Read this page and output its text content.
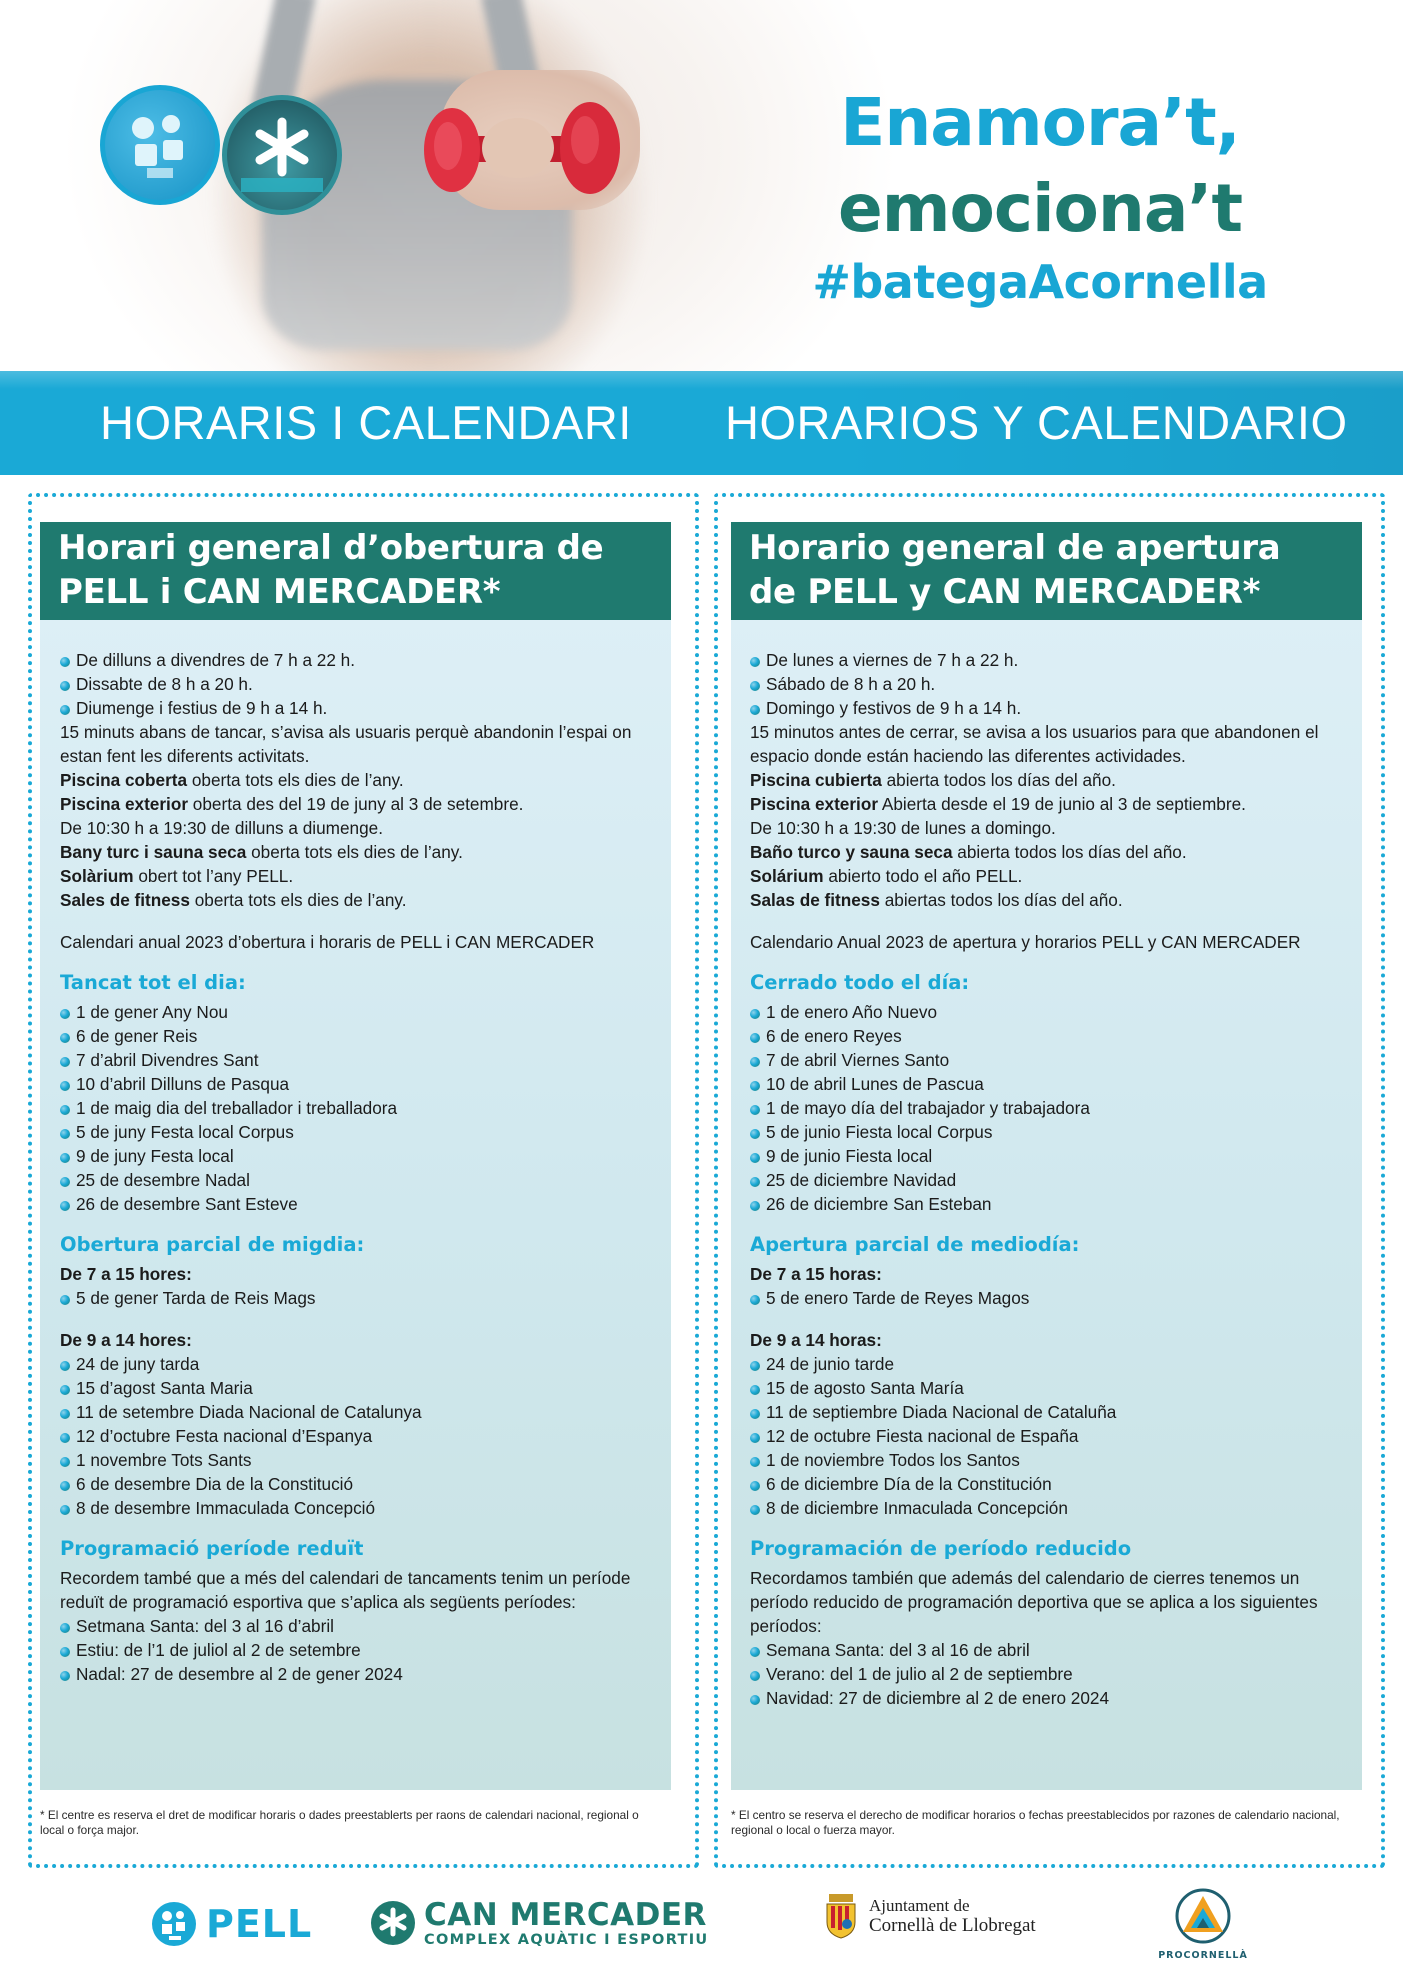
Enamora’t,
emociona’t
#bategaAcornella
HORARIS I CALENDARI HORARIOS Y CALENDARIO
Horari general d’obertura de
PELL i CAN MERCADER*
De dilluns a divendres de 7 h a 22 h.
Dissabte de 8 h a 20 h.
Diumenge i festius de 9 h a 14 h.
15 minuts abans de tancar, s’avisa als usuaris perquè abandonin l’espai on estan fent les diferents activitats.
Piscina coberta oberta tots els dies de l’any.
Piscina exterior oberta des del 19 de juny al 3 de setembre.
De 10:30 h a 19:30 de dilluns a diumenge.
Bany turc i sauna seca oberta tots els dies de l’any.
Solàrium obert tot l’any PELL.
Sales de fitness oberta tots els dies de l’any.
Calendari anual 2023 d’obertura i horaris de PELL i CAN MERCADER
Tancat tot el dia:
1 de gener Any Nou
6 de gener Reis
7 d’abril Divendres Sant
10 d’abril Dilluns de Pasqua
1 de maig dia del treballador i treballadora
5 de juny Festa local Corpus
9 de juny Festa local
25 de desembre Nadal
26 de desembre Sant Esteve
Obertura parcial de migdia:
De 7 a 15 hores:
5 de gener Tarda de Reis Mags
De 9 a 14 hores:
24 de juny tarda
15 d’agost Santa Maria
11 de setembre Diada Nacional de Catalunya
12 d’octubre Festa nacional d’Espanya
1 novembre Tots Sants
6 de desembre Dia de la Constitució
8 de desembre Immaculada Concepció
Programació període reduït
Recordem també que a més del calendari de tancaments tenim un període reduït de programació esportiva que s’aplica als següents períodes:
Setmana Santa: del 3 al 16 d’abril
Estiu: de l’1 de juliol al 2 de setembre
Nadal: 27 de desembre al 2 de gener 2024
* El centre es reserva el dret de modificar horaris o dades preestablerts per raons de calendari nacional, regional o local o força major.
Horario general de apertura
de PELL y CAN MERCADER*
De lunes a viernes de 7 h a 22 h.
Sábado de 8 h a 20 h.
Domingo y festivos de 9 h a 14 h.
15 minutos antes de cerrar, se avisa a los usuarios para que abandonen el espacio donde están haciendo las diferentes actividades.
Piscina cubierta abierta todos los días del año.
Piscina exterior Abierta desde el 19 de junio al 3 de septiembre.
De 10:30 h a 19:30 de lunes a domingo.
Baño turco y sauna seca abierta todos los días del año.
Solárium abierto todo el año PELL.
Salas de fitness abiertas todos los días del año.
Calendario Anual 2023 de apertura y horarios PELL y CAN MERCADER
Cerrado todo el día:
1 de enero Año Nuevo
6 de enero Reyes
7 de abril Viernes Santo
10 de abril Lunes de Pascua
1 de mayo día del trabajador y trabajadora
5 de junio Fiesta local Corpus
9 de junio Fiesta local
25 de diciembre Navidad
26 de diciembre San Esteban
Apertura parcial de mediodía:
De 7 a 15 horas:
5 de enero Tarde de Reyes Magos
De 9 a 14 horas:
24 de junio tarde
15 de agosto Santa María
11 de septiembre Diada Nacional de Cataluña
12 de octubre Fiesta nacional de España
1 de noviembre Todos los Santos
6 de diciembre Día de la Constitución
8 de diciembre Inmaculada Concepción
Programación de período reducido
Recordamos también que además del calendario de cierres tenemos un período reducido de programación deportiva que se aplica a los siguientes períodos:
Semana Santa: del 3 al 16 de abril
Verano: del 1 de julio al 2 de septiembre
Navidad: 27 de diciembre al 2 de enero 2024
* El centro se reserva el derecho de modificar horarios o fechas preestablecidos por razones de calendario nacional, regional o local o fuerza mayor.
PELL	CAN MERCADER
COMPLEX AQUÀTIC I ESPORTIU
Ajuntament de
Cornellà de Llobregat
PROCORNELLÀ
